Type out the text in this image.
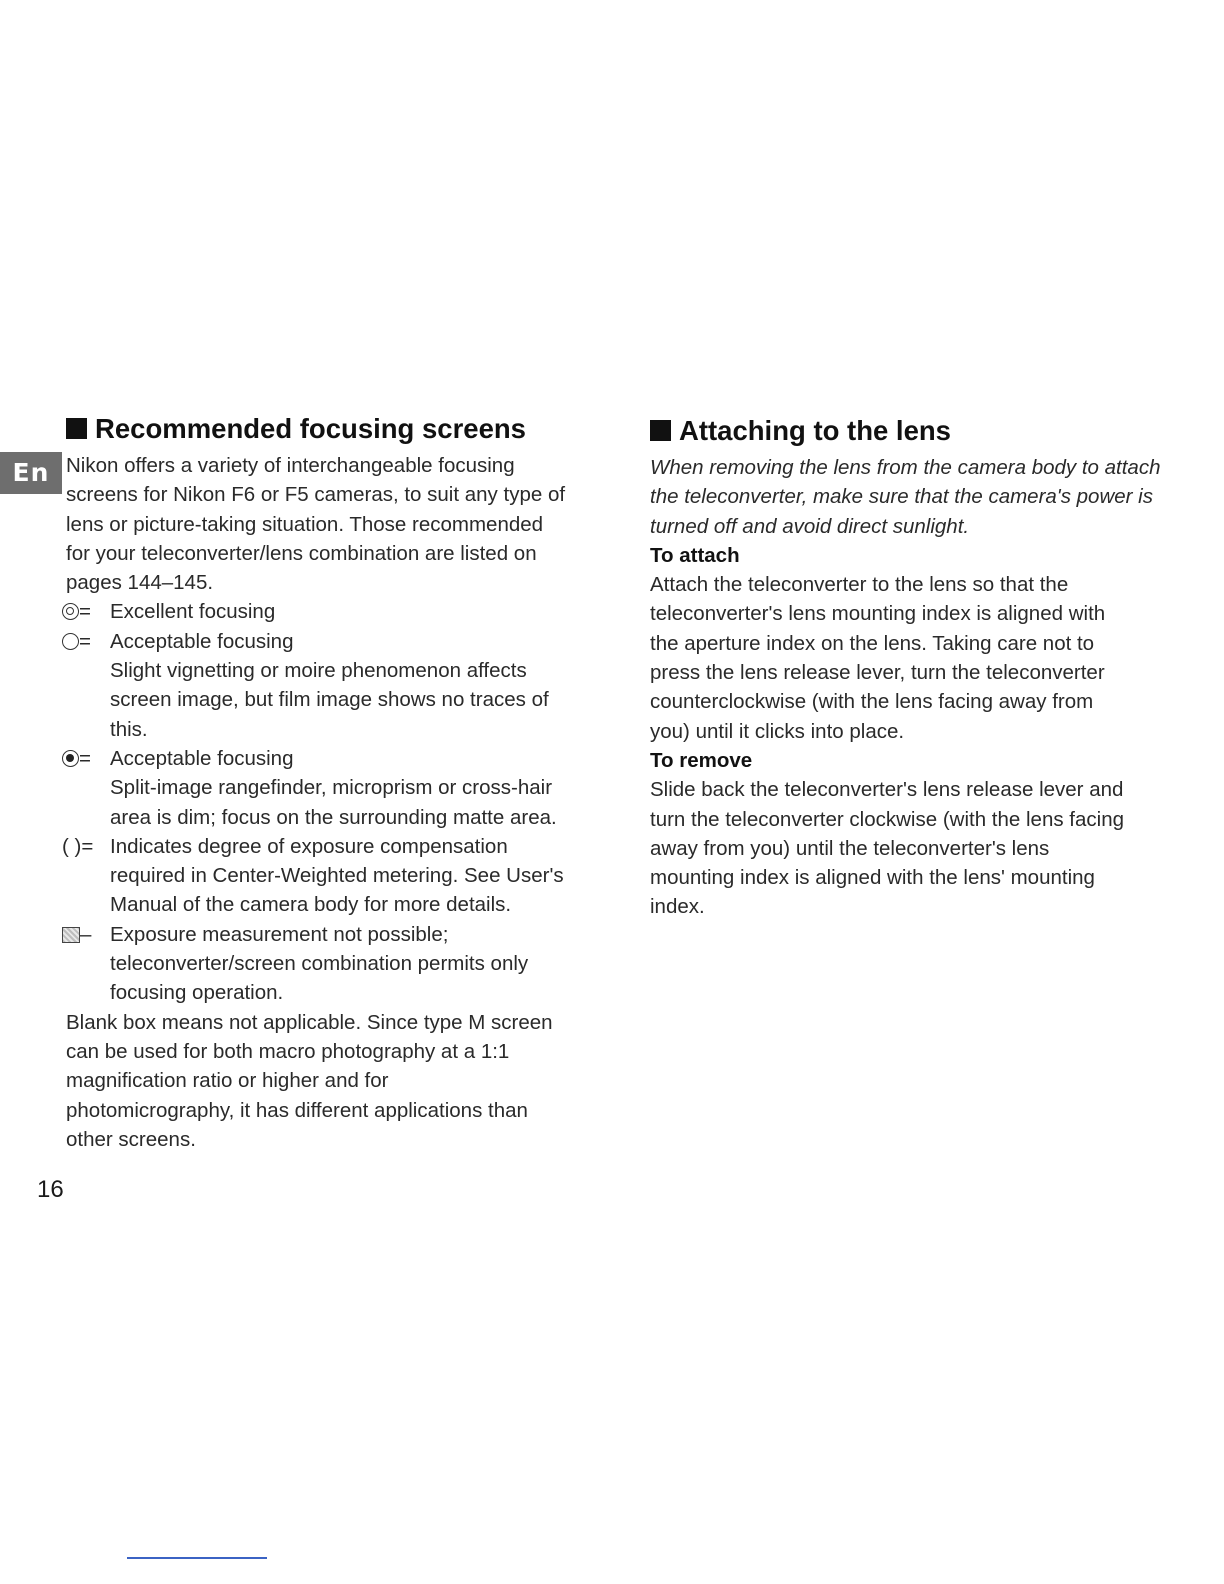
En
Recommended focusing screens
Nikon offers a variety of interchangeable focusing
screens for Nikon F6 or F5 cameras, to suit any type of
lens or picture-taking situation. Those recommended
for your teleconverter/lens combination are listed on
pages 144–145.
= Excellent focusing
= Acceptable focusing
Slight vignetting or moire phenomenon affects
screen image, but film image shows no traces of
this.
= Acceptable focusing
Split-image rangefinder, microprism or cross-hair
area is dim; focus on the surrounding matte area.
( )= Indicates degree of exposure compensation
required in Center-Weighted metering. See User's
Manual of the camera body for more details.
– Exposure measurement not possible;
teleconverter/screen combination permits only
focusing operation.
Blank box means not applicable. Since type M screen
can be used for both macro photography at a 1:1
magnification ratio or higher and for
photomicrography, it has different applications than
other screens.
Attaching to the lens
When removing the lens from the camera body to attach
the teleconverter, make sure that the camera's power is
turned off and avoid direct sunlight.
To attach
Attach the teleconverter to the lens so that the
teleconverter's lens mounting index is aligned with
the aperture index on the lens. Taking care not to
press the lens release lever, turn the teleconverter
counterclockwise (with the lens facing away from
you) until it clicks into place.
To remove
Slide back the teleconverter's lens release lever and
turn the teleconverter clockwise (with the lens facing
away from you) until the teleconverter's lens
mounting index is aligned with the lens' mounting
index.
16
